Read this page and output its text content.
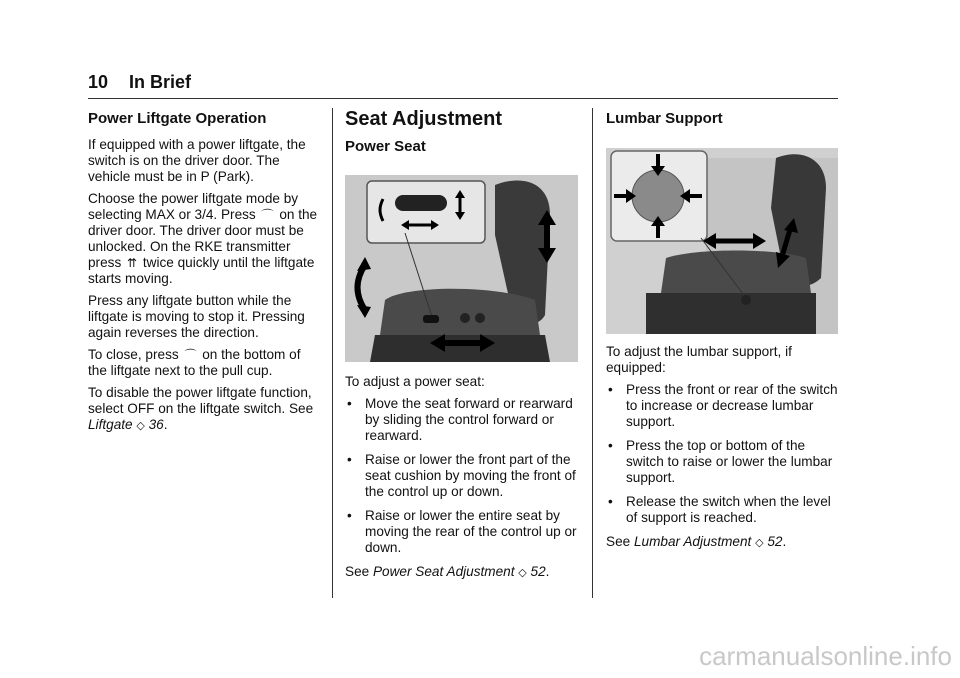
10 In Brief
Power Liftgate Operation

If equipped with a power liftgate, the switch is on the driver door. The vehicle must be in P (Park).

Choose the power liftgate mode by selecting MAX or 3/4. Press ⌒ on the driver door. The driver door must be unlocked. On the RKE transmitter press ⇈ twice quickly until the liftgate starts moving.

Press any liftgate button while the liftgate is moving to stop it. Pressing again reverses the direction.

To close, press ⌒ on the bottom of the liftgate next to the pull cup.

To disable the power liftgate function, select OFF on the liftgate switch. See Liftgate ◇ 36.

Seat Adjustment
Power Seat

To adjust a power seat:

• Move the seat forward or rearward by sliding the control forward or rearward.
• Raise or lower the front part of the seat cushion by moving the front of the control up or down.
• Raise or lower the entire seat by moving the rear of the control up or down.

See Power Seat Adjustment ◇ 52.

Lumbar Support

To adjust the lumbar support, if equipped:

• Press the front or rear of the switch to increase or decrease lumbar support.
• Press the top or bottom of the switch to raise or lower the lumbar support.
• Release the switch when the level of support is reached.

See Lumbar Adjustment ◇ 52.

carmanualsonline.info
